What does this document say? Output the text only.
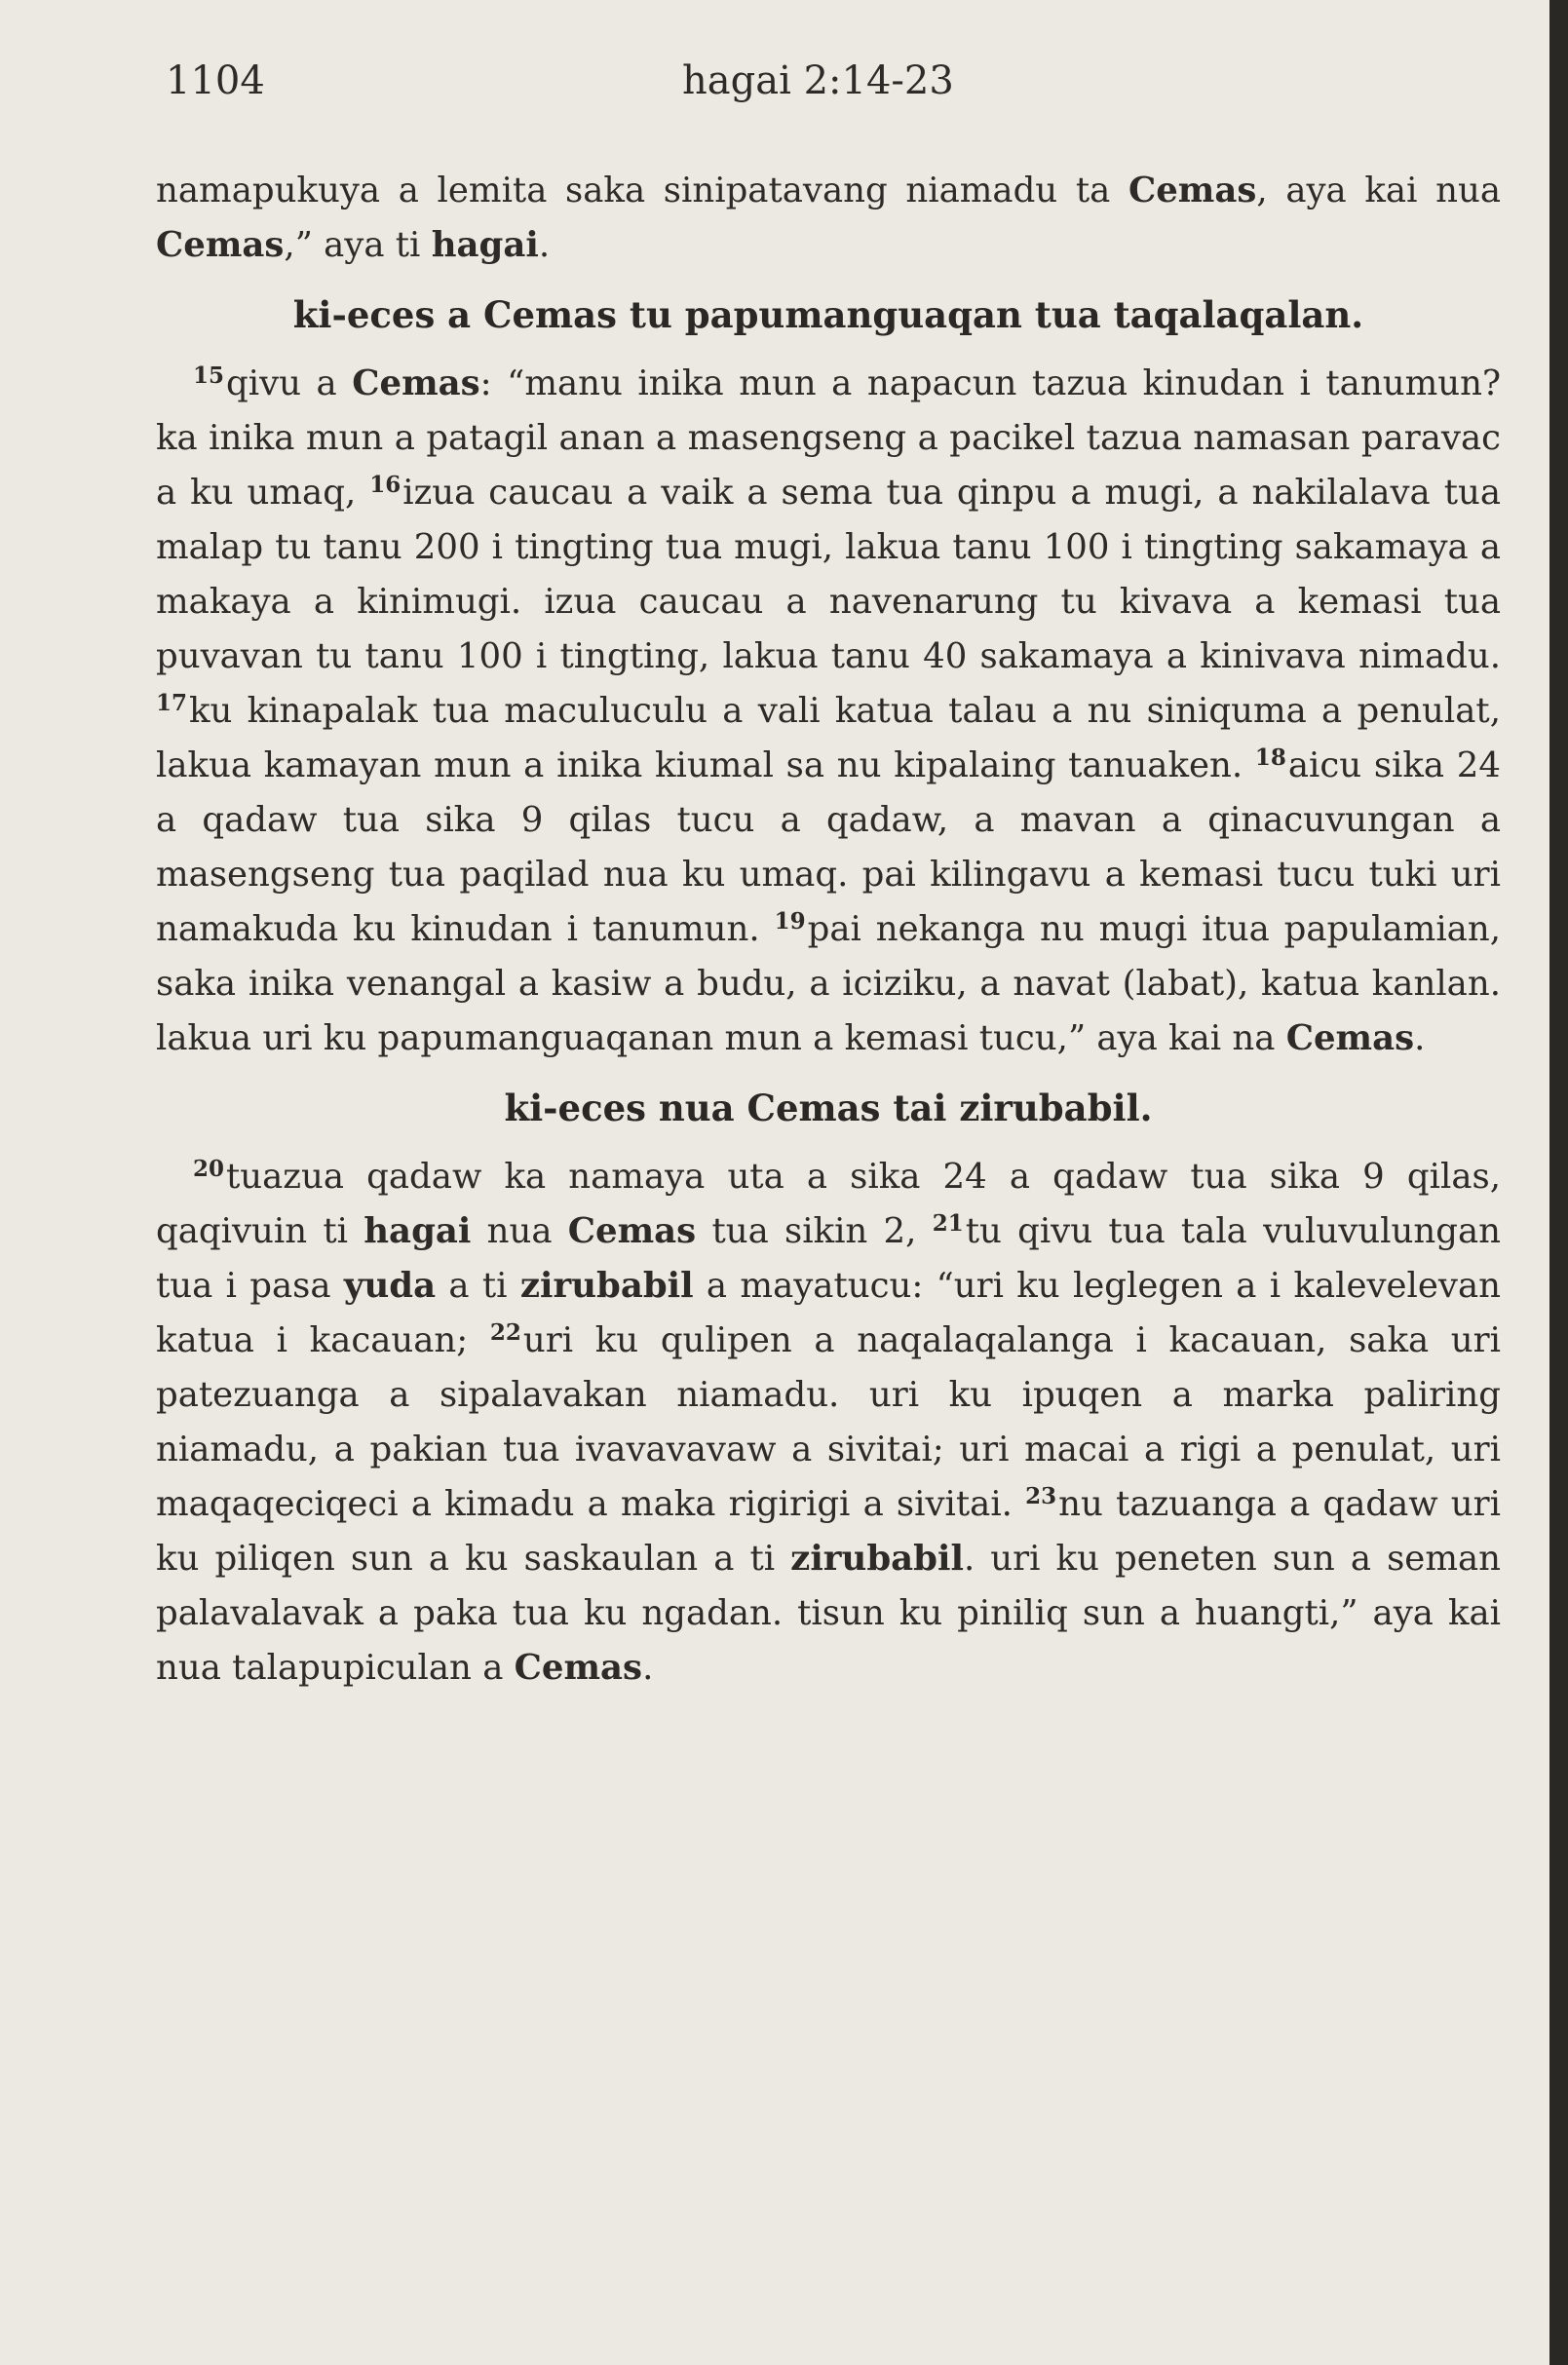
1104	hagai 2:14-23

namapukuya a lemita saka sinipatavang niamadu ta Cemas, aya kai nua Cemas,” aya ti hagai.

ki-eces a Cemas tu papumanguaqan tua taqalaqalan.

$^{15}$qivu a Cemas: “manu inika mun a napacun tazua kinudan i tanumun? ka inika mun a patagil anan a masengseng a pacikel tazua namasan paravac a ku umaq, $^{16}$izua caucau a vaik a sema tua qinpu a mugi, a nakilalava tua malap tu tanu 200 i tingting tua mugi, lakua tanu 100 i tingting sakamaya a makaya a kinimugi. izua caucau a navenarung tu kivava a kemasi tua puvavan tu tanu 100 i tingting, lakua tanu 40 sakamaya a kinivava nimadu. $^{17}$ku kinapalak tua maculuculu a vali katua talau a nu siniquma a penulat, lakua kamayan mun a inika kiumal sa nu kipalaing tanuaken. $^{18}$aicu sika 24 a qadaw tua sika 9 qilas tucu a qadaw, a mavan a qinacuvungan a masengseng tua paqilad nua ku umaq. pai kilingavu a kemasi tucu tuki uri namakuda ku kinudan i tanumun. $^{19}$pai nekanga nu mugi itua papulamian, saka inika venangal a kasiw a budu, a iciziku, a navat (labat), katua kanlan. lakua uri ku papumanguaqanan mun a kemasi tucu,” aya kai na Cemas.

ki-eces nua Cemas tai zirubabil.

$^{20}$tuazua qadaw ka namaya uta a sika 24 a qadaw tua sika 9 qilas, qaqivuin ti hagai nua Cemas tua sikin 2, $^{21}$tu qivu tua tala vuluvulungan tua i pasa yuda a ti zirubabil a mayatucu: “uri ku leglegen a i kalevelevan katua i kacauan; $^{22}$uri ku qulipen a naqalaqalanga i kacauan, saka uri patezuanga a sipalavakan niamadu. uri ku ipuqen a marka paliring niamadu, a pakian tua ivavavavaw a sivitai; uri macai a rigi a penulat, uri maqaqeciqeci a kimadu a maka rigirigi a sivitai. $^{23}$nu tazuanga a qadaw uri ku piliqen sun a ku saskaulan a ti zirubabil. uri ku peneten sun a seman palavalavak a paka tua ku ngadan. tisun ku piniliq sun a huangti,” aya kai nua talapupiculan a Cemas.
